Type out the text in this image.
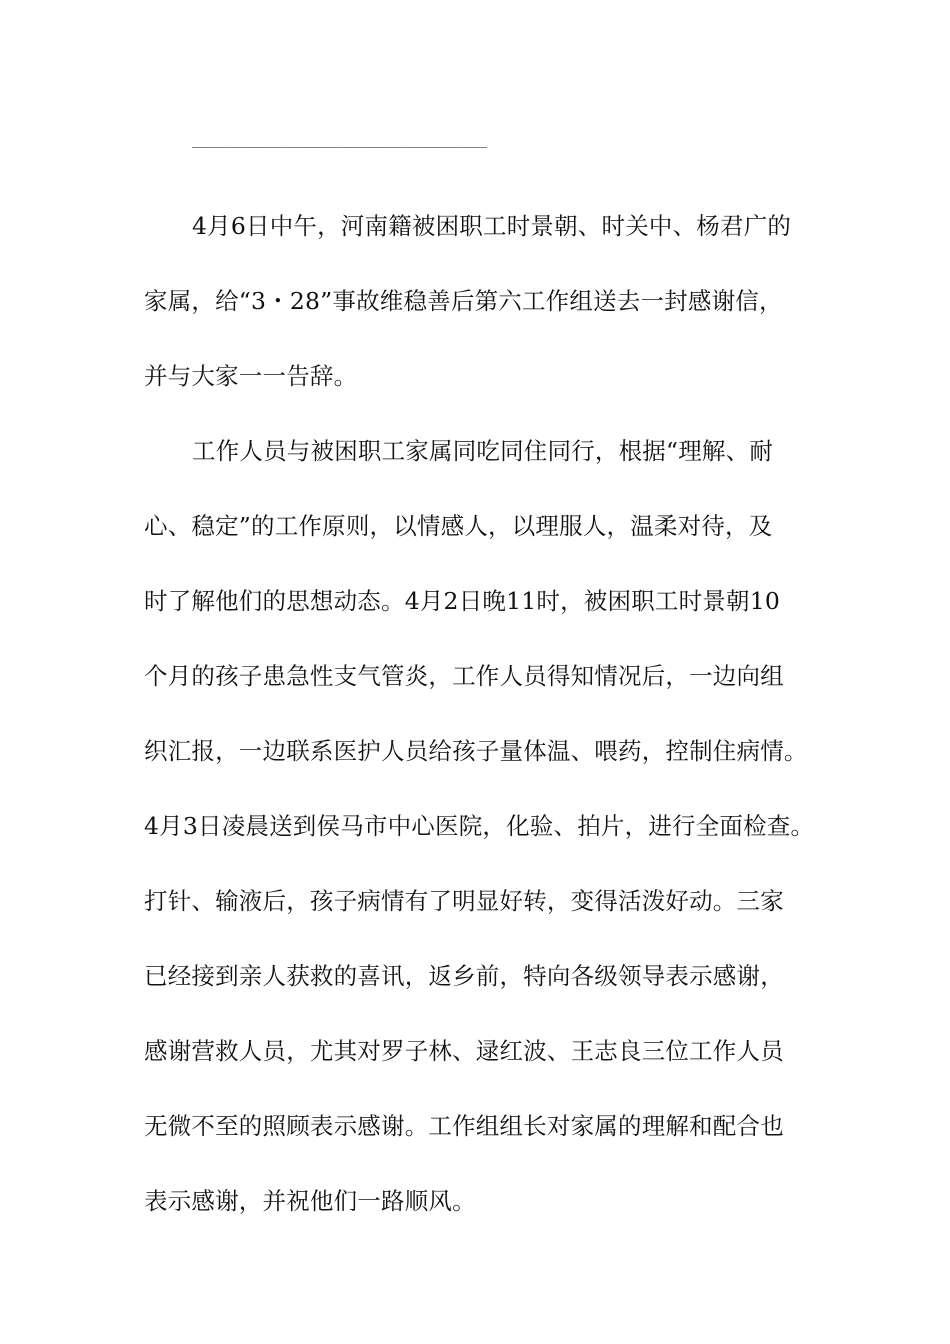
___________________________________
4月6日中午，河南籍被困职工时景朝、时关中、杨君广的
家属，给“3・28”事故维稳善后第六工作组送去一封感谢信，
并与大家一一告辞。
工作人员与被困职工家属同吃同住同行，根据“理解、耐
心、稳定”的工作原则，以情感人，以理服人，温柔对待，及
时了解他们的思想动态。4月2日晚11时，被困职工时景朝10
个月的孩子患急性支气管炎，工作人员得知情况后，一边向组
织汇报，一边联系医护人员给孩子量体温、喂药，控制住病情。
4月3日凌晨送到侯马市中心医院，化验、拍片，进行全面检查。
打针、输液后，孩子病情有了明显好转，变得活泼好动。三家
已经接到亲人获救的喜讯，返乡前，特向各级领导表示感谢，
感谢营救人员，尤其对罗子林、逯红波、王志良三位工作人员
无微不至的照顾表示感谢。工作组组长对家属的理解和配合也
表示感谢，并祝他们一路顺风。
